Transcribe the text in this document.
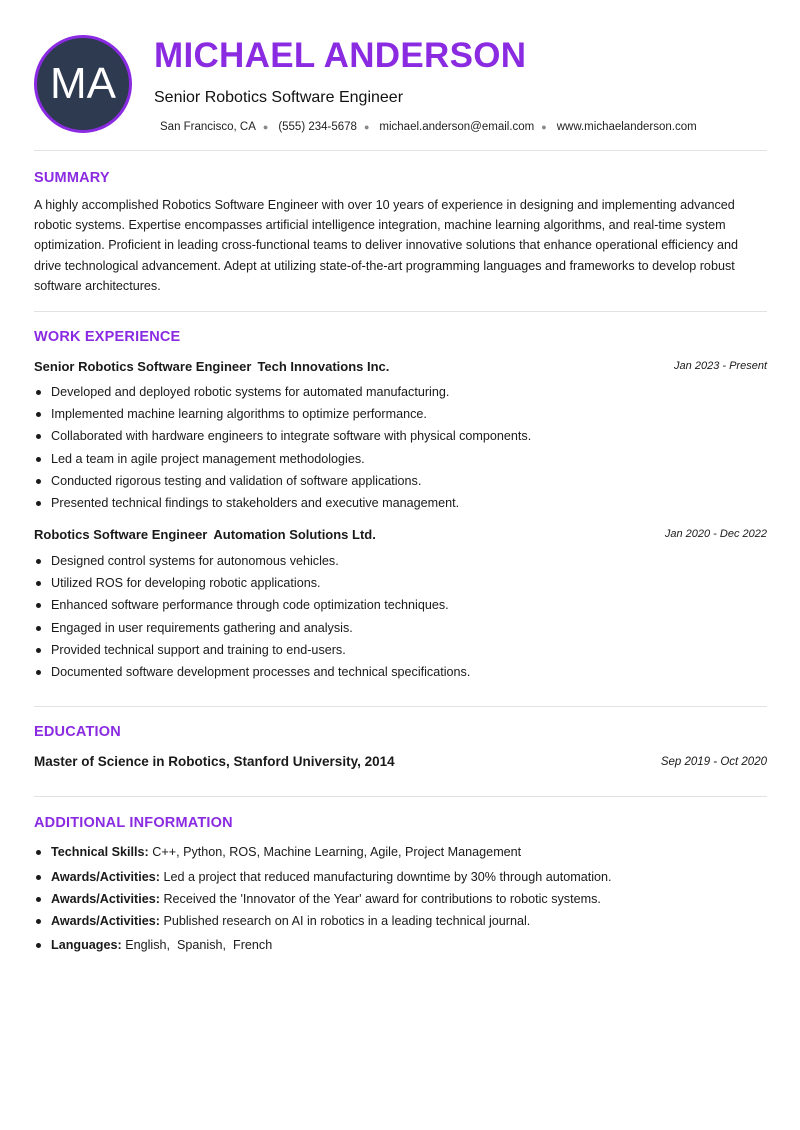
MA
MICHAEL ANDERSON
Senior Robotics Software Engineer
San Francisco, CA ● (555) 234-5678 ● michael.anderson@email.com ● www.michaelanderson.com
SUMMARY
A highly accomplished Robotics Software Engineer with over 10 years of experience in designing and implementing advanced robotic systems. Expertise encompasses artificial intelligence integration, machine learning algorithms, and real-time system optimization. Proficient in leading cross-functional teams to deliver innovative solutions that enhance operational efficiency and drive technological advancement. Adept at utilizing state-of-the-art programming languages and frameworks to develop robust software architectures.
WORK EXPERIENCE
Senior Robotics Software Engineer Tech Innovations Inc.	Jan 2023 - Present
Developed and deployed robotic systems for automated manufacturing.
Implemented machine learning algorithms to optimize performance.
Collaborated with hardware engineers to integrate software with physical components.
Led a team in agile project management methodologies.
Conducted rigorous testing and validation of software applications.
Presented technical findings to stakeholders and executive management.
Robotics Software Engineer Automation Solutions Ltd.	Jan 2020 - Dec 2022
Designed control systems for autonomous vehicles.
Utilized ROS for developing robotic applications.
Enhanced software performance through code optimization techniques.
Engaged in user requirements gathering and analysis.
Provided technical support and training to end-users.
Documented software development processes and technical specifications.
EDUCATION
Master of Science in Robotics, Stanford University, 2014	Sep 2019 - Oct 2020
ADDITIONAL INFORMATION
Technical Skills: C++, Python, ROS, Machine Learning, Agile, Project Management
Awards/Activities: Led a project that reduced manufacturing downtime by 30% through automation.
Awards/Activities: Received the 'Innovator of the Year' award for contributions to robotic systems.
Awards/Activities: Published research on AI in robotics in a leading technical journal.
Languages: English,  Spanish,  French
